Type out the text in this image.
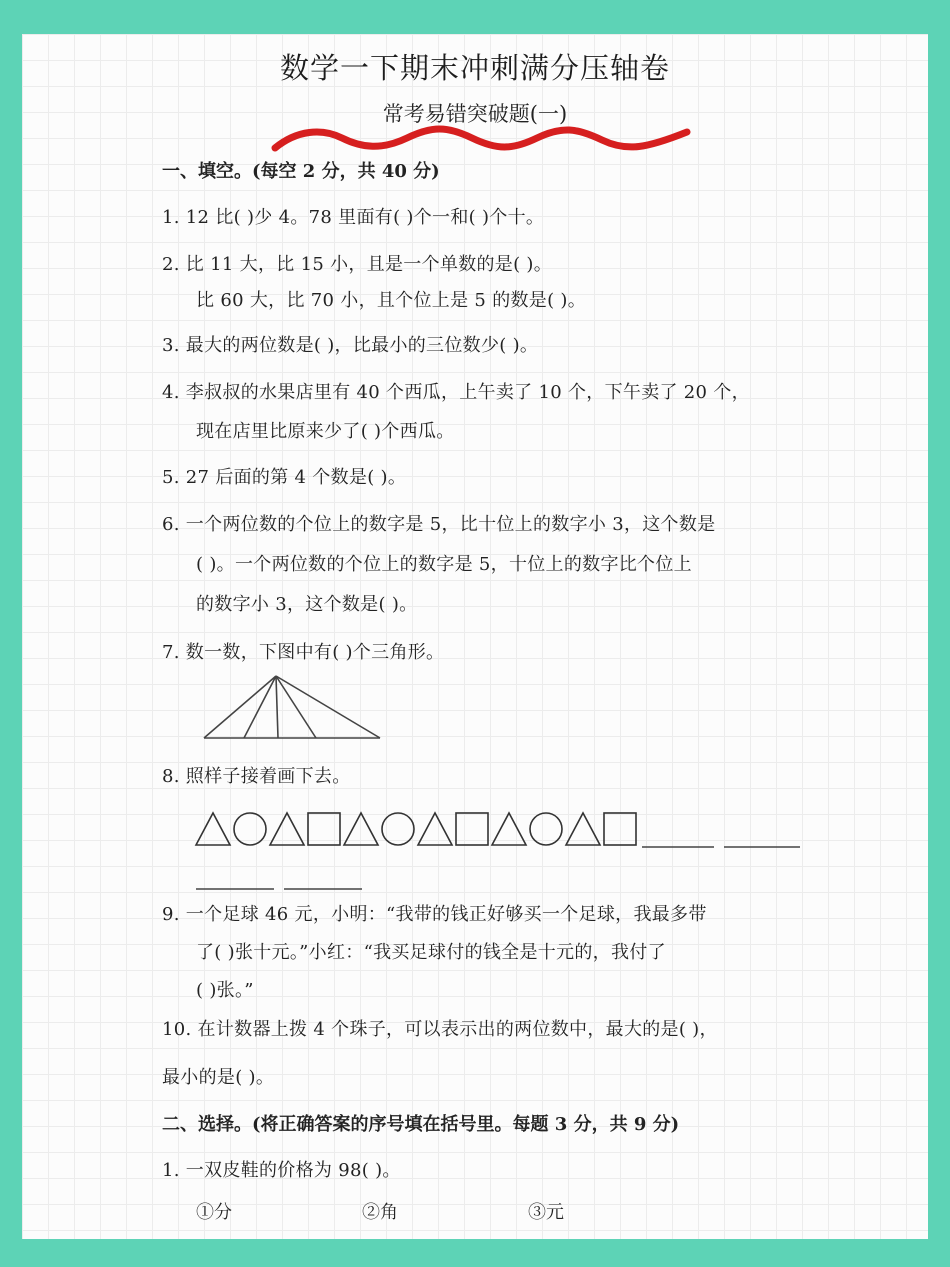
数学一下期末冲刺满分压轴卷
常考易错突破题(一)
一、填空。(每空 2 分，共 40 分)
1. 12 比( )少 4。78 里面有( )个一和( )个十。
2. 比 11 大，比 15 小，且是一个单数的是( )。
比 60 大，比 70 小，且个位上是 5 的数是( )。
3. 最大的两位数是( )，比最小的三位数少( )。
4. 李叔叔的水果店里有 40 个西瓜，上午卖了 10 个，下午卖了 20 个，
现在店里比原来少了( )个西瓜。
5. 27 后面的第 4 个数是( )。
6. 一个两位数的个位上的数字是 5，比十位上的数字小 3，这个数是
( )。一个两位数的个位上的数字是 5，十位上的数字比个位上
的数字小 3，这个数是( )。
7. 数一数，下图中有( )个三角形。
8. 照样子接着画下去。
9. 一个足球 46 元，小明：“我带的钱正好够买一个足球，我最多带
了( )张十元。”小红：“我买足球付的钱全是十元的，我付了
( )张。”
10. 在计数器上拨 4 个珠子，可以表示出的两位数中，最大的是( )，
最小的是( )。
二、选择。(将正确答案的序号填在括号里。每题 3 分，共 9 分)
1. 一双皮鞋的价格为 98( )。
①分	②角	③元
